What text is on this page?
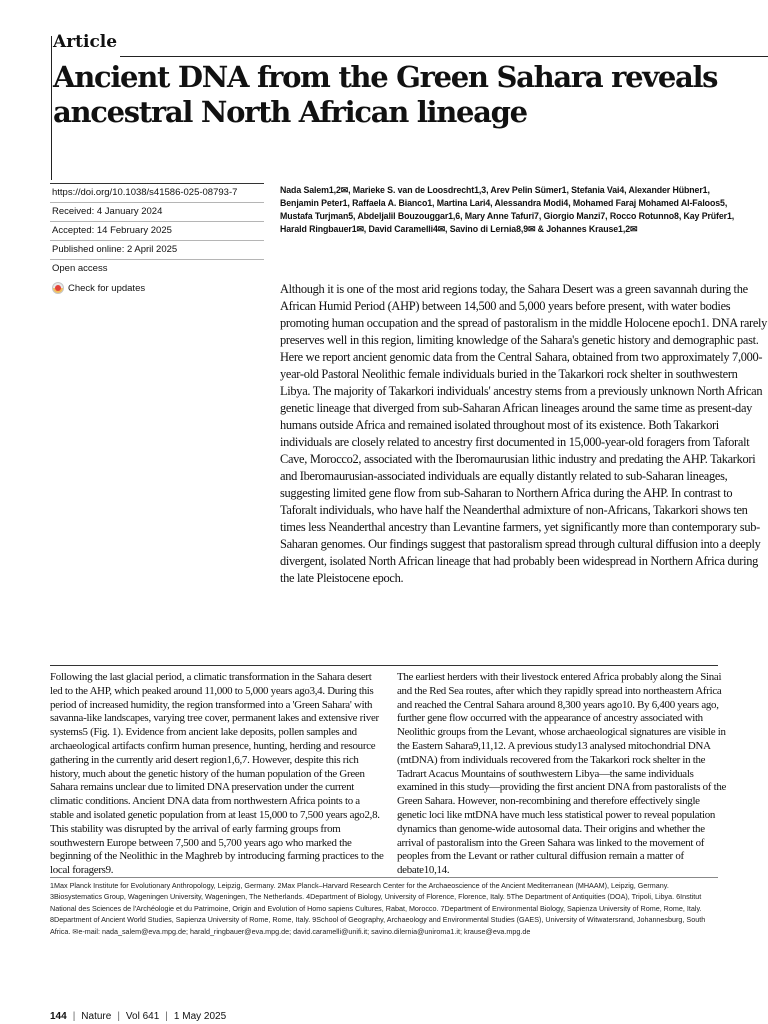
Article
Ancient DNA from the Green Sahara reveals ancestral North African lineage
https://doi.org/10.1038/s41586-025-08793-7
Received: 4 January 2024
Accepted: 14 February 2025
Published online: 2 April 2025
Open access
Check for updates
Nada Salem1,2✉, Marieke S. van de Loosdrecht1,3, Arev Pelin Sümer1, Stefania Vai4, Alexander Hübner1, Benjamin Peter1, Raffaela A. Bianco1, Martina Lari4, Alessandra Modi4, Mohamed Faraj Mohamed Al-Faloos5, Mustafa Turjman5, Abdeljalil Bouzouggar1,6, Mary Anne Tafuri7, Giorgio Manzi7, Rocco Rotunno8, Kay Prüfer1, Harald Ringbauer1✉, David Caramelli4✉, Savino di Lernia8,9✉ & Johannes Krause1,2✉
Although it is one of the most arid regions today, the Sahara Desert was a green savannah during the African Humid Period (AHP) between 14,500 and 5,000 years before present, with water bodies promoting human occupation and the spread of pastoralism in the middle Holocene epoch1. DNA rarely preserves well in this region, limiting knowledge of the Sahara's genetic history and demographic past. Here we report ancient genomic data from the Central Sahara, obtained from two approximately 7,000-year-old Pastoral Neolithic female individuals buried in the Takarkori rock shelter in southwestern Libya. The majority of Takarkori individuals' ancestry stems from a previously unknown North African genetic lineage that diverged from sub-Saharan African lineages around the same time as present-day humans outside Africa and remained isolated throughout most of its existence. Both Takarkori individuals are closely related to ancestry first documented in 15,000-year-old foragers from Taforalt Cave, Morocco2, associated with the Iberomaurusian lithic industry and predating the AHP. Takarkori and Iberomaurusian-associated individuals are equally distantly related to sub-Saharan lineages, suggesting limited gene flow from sub-Saharan to Northern Africa during the AHP. In contrast to Taforalt individuals, who have half the Neanderthal admixture of non-Africans, Takarkori shows ten times less Neanderthal ancestry than Levantine farmers, yet significantly more than contemporary sub-Saharan genomes. Our findings suggest that pastoralism spread through cultural diffusion into a deeply divergent, isolated North African lineage that had probably been widespread in Northern Africa during the late Pleistocene epoch.
Following the last glacial period, a climatic transformation in the Sahara desert led to the AHP, which peaked around 11,000 to 5,000 years ago3,4. During this period of increased humidity, the region transformed into a 'Green Sahara' with savanna-like landscapes, varying tree cover, permanent lakes and extensive river systems5 (Fig. 1). Evidence from ancient lake deposits, pollen samples and archaeological artifacts confirm human presence, hunting, herding and resource gathering in the currently arid desert region1,6,7. However, despite this rich history, much about the genetic history of the human population of the Green Sahara remains unclear due to limited DNA preservation under the current climatic conditions. Ancient DNA data from northwestern Africa points to a stable and isolated genetic population from at least 15,000 to 7,500 years ago2,8. This stability was disrupted by the arrival of early farming groups from southwestern Europe between 7,500 and 5,700 years ago who marked the beginning of the Neolithic in the Maghreb by introducing farming practices to the local foragers9.
The earliest herders with their livestock entered Africa probably along the Sinai and the Red Sea routes, after which they rapidly spread into northeastern Africa and reached the Central Sahara around 8,300 years ago10. By 6,400 years ago, further gene flow occurred with the appearance of ancestry associated with Neolithic groups from the Levant, whose archaeological signatures are visible in the Eastern Sahara9,11,12. A previous study13 analysed mitochondrial DNA (mtDNA) from individuals recovered from the Takarkori rock shelter in the Tadrart Acacus Mountains of southwestern Libya—the same individuals examined in this study—providing the first ancient DNA from pastoralists of the Green Sahara. However, non-recombining and therefore effectively single genetic loci like mtDNA have much less statistical power to reveal population dynamics than genome-wide autosomal data. Their origins and whether the arrival of pastoralism into the Green Sahara was linked to the movement of peoples from the Levant or rather cultural diffusion remain a matter of debate10,14.
1Max Planck Institute for Evolutionary Anthropology, Leipzig, Germany. 2Max Planck–Harvard Research Center for the Archaeoscience of the Ancient Mediterranean (MHAAM), Leipzig, Germany. 3Biosystematics Group, Wageningen University, Wageningen, The Netherlands. 4Department of Biology, University of Florence, Florence, Italy. 5The Department of Antiquities (DOA), Tripoli, Libya. 6Institut National des Sciences de l'Archéologie et du Patrimoine, Origin and Evolution of Homo sapiens Cultures, Rabat, Morocco. 7Department of Environmental Biology, Sapienza University of Rome, Rome, Italy. 8Department of Ancient World Studies, Sapienza University of Rome, Rome, Italy. 9School of Geography, Archaeology and Environmental Studies (GAES), University of Witwatersrand, Johannesburg, South Africa. ✉e-mail: nada_salem@eva.mpg.de; harald_ringbauer@eva.mpg.de; david.caramelli@unifi.it; savino.dilernia@uniroma1.it; krause@eva.mpg.de
144 | Nature | Vol 641 | 1 May 2025
